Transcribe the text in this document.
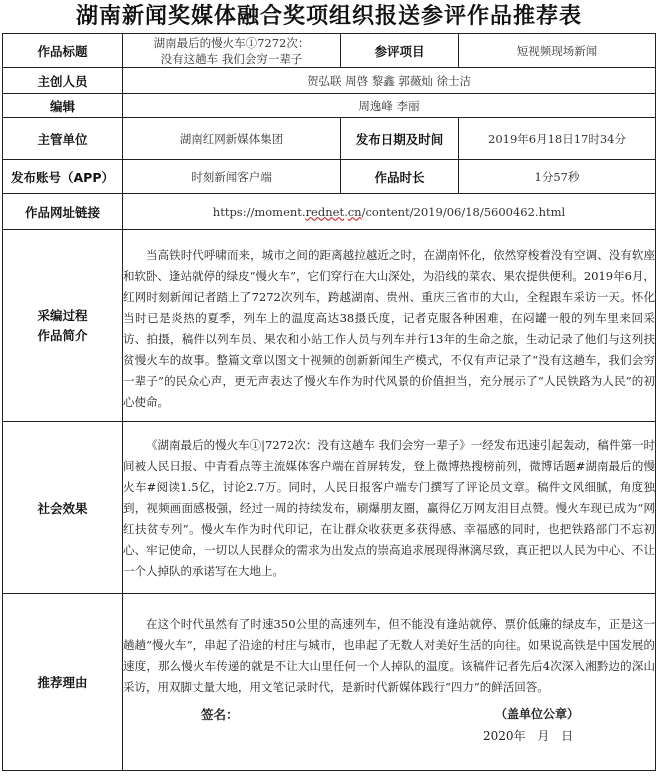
湖南新闻奖媒体融合奖项组织报送参评作品推荐表
作品标题	湖南最后的慢火车①7272次：
没有这趟车 我们会穷一辈子	参评项目	短视频现场新闻
主创人员	贺弘联 周啓 黎鑫 郭薇灿 徐士洁		
编辑	周逸峰 李丽		
主管单位	湖南红网新媒体集团	发布日期及时间	2019年6月18日17时34分
发布账号（APP）	时刻新闻客户端	作品时长	1分57秒
作品网址链接	https://moment.rednet.cn/content/2019/06/18/5600462.html		

采编过程
作品简介	当高铁时代呼啸而来，城市之间的距离越拉越近之时，在湖南怀化，依然穿梭着没有空调、没有软座和软卧、逢站就停的绿皮“慢火车”，它们穿行在大山深处，为沿线的菜农、果农提供便利。2019年6月，红网时刻新闻记者踏上了7272次列车，跨越湖南、贵州、重庆三省市的大山，全程跟车采访一天。怀化当时已是炎热的夏季，列车上的温度高达38摄氏度，记者克服各种困难，在闷罐一般的列车里来回采访、拍摄，稿件以列车员、果农和小站工作人员与列车并行13年的生命之旅，生动记录了他们与这列扶贫慢火车的故事。整篇文章以图文十视频的创新新闻生产模式，不仅有声记录了“没有这趟车，我们会穷一辈子”的民众心声，更无声表达了慢火车作为时代风景的价值担当，充分展示了“人民铁路为人民”的初心使命。		

社会效果	《湖南最后的慢火车①|7272次：没有这趟车 我们会穷一辈子》一经发布迅速引起轰动，稿件第一时间被人民日报、中青看点等主流媒体客户端在首屏转发，登上微博热搜榜前列，微博话题#湖南最后的慢火车#阅读1.5亿，讨论2.7万。同时，人民日报客户端专门撰写了评论员文章。稿件文风细腻，角度独到，视频画面感极强，经过一周的持续发布，刷爆朋友圈，赢得亿万网友泪目点赞。慢火车现已成为“网红扶贫专列”。慢火车作为时代印记，在让群众收获更多获得感、幸福感的同时，也把铁路部门不忘初心、牢记使命，一切以人民群众的需求为出发点的崇高追求展现得淋漓尽致，真正把以人民为中心、不让一个人掉队的承诺写在大地上。		

推荐理由	在这个时代虽然有了时速350公里的高速列车，但不能没有逢站就停、票价低廉的绿皮车，正是这一趟趟“慢火车”，串起了沿途的村庄与城市，也串起了无数人对美好生活的向往。如果说高铁是中国发展的速度，那么慢火车传递的就是不让大山里任何一个人掉队的温度。该稿件记者先后4次深入湘黔边的深山采访，用双脚丈量大地，用文笔记录时代，是新时代新媒体践行“四力”的鲜活回答。

签名： （盖单位公章）
2020年 月 日		
